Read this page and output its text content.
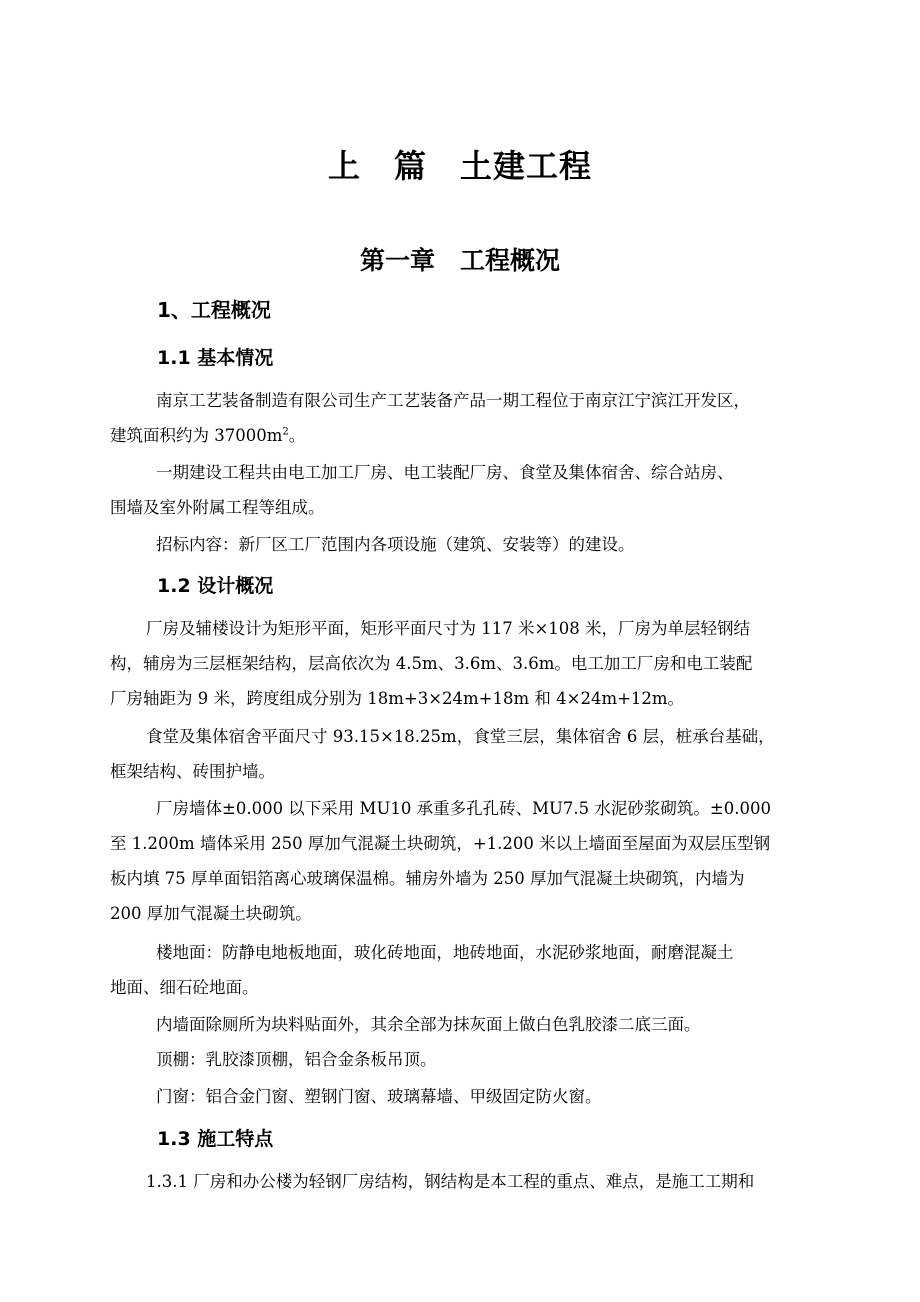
上　篇　土建工程
第一章　工程概况
1、工程概况
1.1 基本情况
南京工艺装备制造有限公司生产工艺装备产品一期工程位于南京江宁滨江开发区，
建筑面积约为 $37000m^2$。
一期建设工程共由电工加工厂房、电工装配厂房、食堂及集体宿舍、综合站房、
围墙及室外附属工程等组成。
招标内容：新厂区工厂范围内各项设施（建筑、安装等）的建设。
1.2 设计概况
厂房及辅楼设计为矩形平面，矩形平面尺寸为 117 米×108 米，厂房为单层轻钢结
构，辅房为三层框架结构，层高依次为 4.5m、3.6m、3.6m。电工加工厂房和电工装配
厂房轴距为 9 米，跨度组成分别为 18m+3×24m+18m 和 4×24m+12m。
食堂及集体宿舍平面尺寸 93.15×18.25m，食堂三层，集体宿舍 6 层，桩承台基础，
框架结构、砖围护墙。
厂房墙体±0.000 以下采用 MU10 承重多孔孔砖、MU7.5 水泥砂浆砌筑。±0.000
至 1.200m 墙体采用 250 厚加气混凝土块砌筑，+1.200 米以上墙面至屋面为双层压型钢
板内填 75 厚单面铝箔离心玻璃保温棉。辅房外墙为 250 厚加气混凝土块砌筑，内墙为
200 厚加气混凝土块砌筑。
楼地面：防静电地板地面，玻化砖地面，地砖地面，水泥砂浆地面，耐磨混凝土
地面、细石砼地面。
内墙面除厕所为块料贴面外，其余全部为抹灰面上做白色乳胶漆二底三面。
顶棚：乳胶漆顶棚，铝合金条板吊顶。
门窗：铝合金门窗、塑钢门窗、玻璃幕墙、甲级固定防火窗。
1.3 施工特点
1.3.1 厂房和办公楼为轻钢厂房结构，钢结构是本工程的重点、难点，是施工工期和
